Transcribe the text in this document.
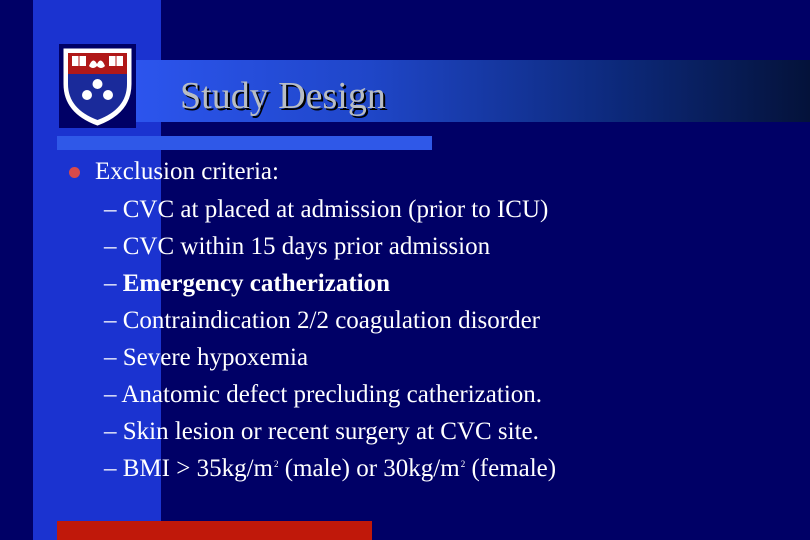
Study Design
Exclusion criteria:
– CVC at placed at admission (prior to ICU)
– CVC within 15 days prior admission
– Emergency catherization
– Contraindication 2/2 coagulation disorder
– Severe hypoxemia
– Anatomic defect precluding catherization.
– Skin lesion or recent surgery at CVC site.
– BMI > $35kg/m^2$ (male) or $30kg/m^2$ (female)
